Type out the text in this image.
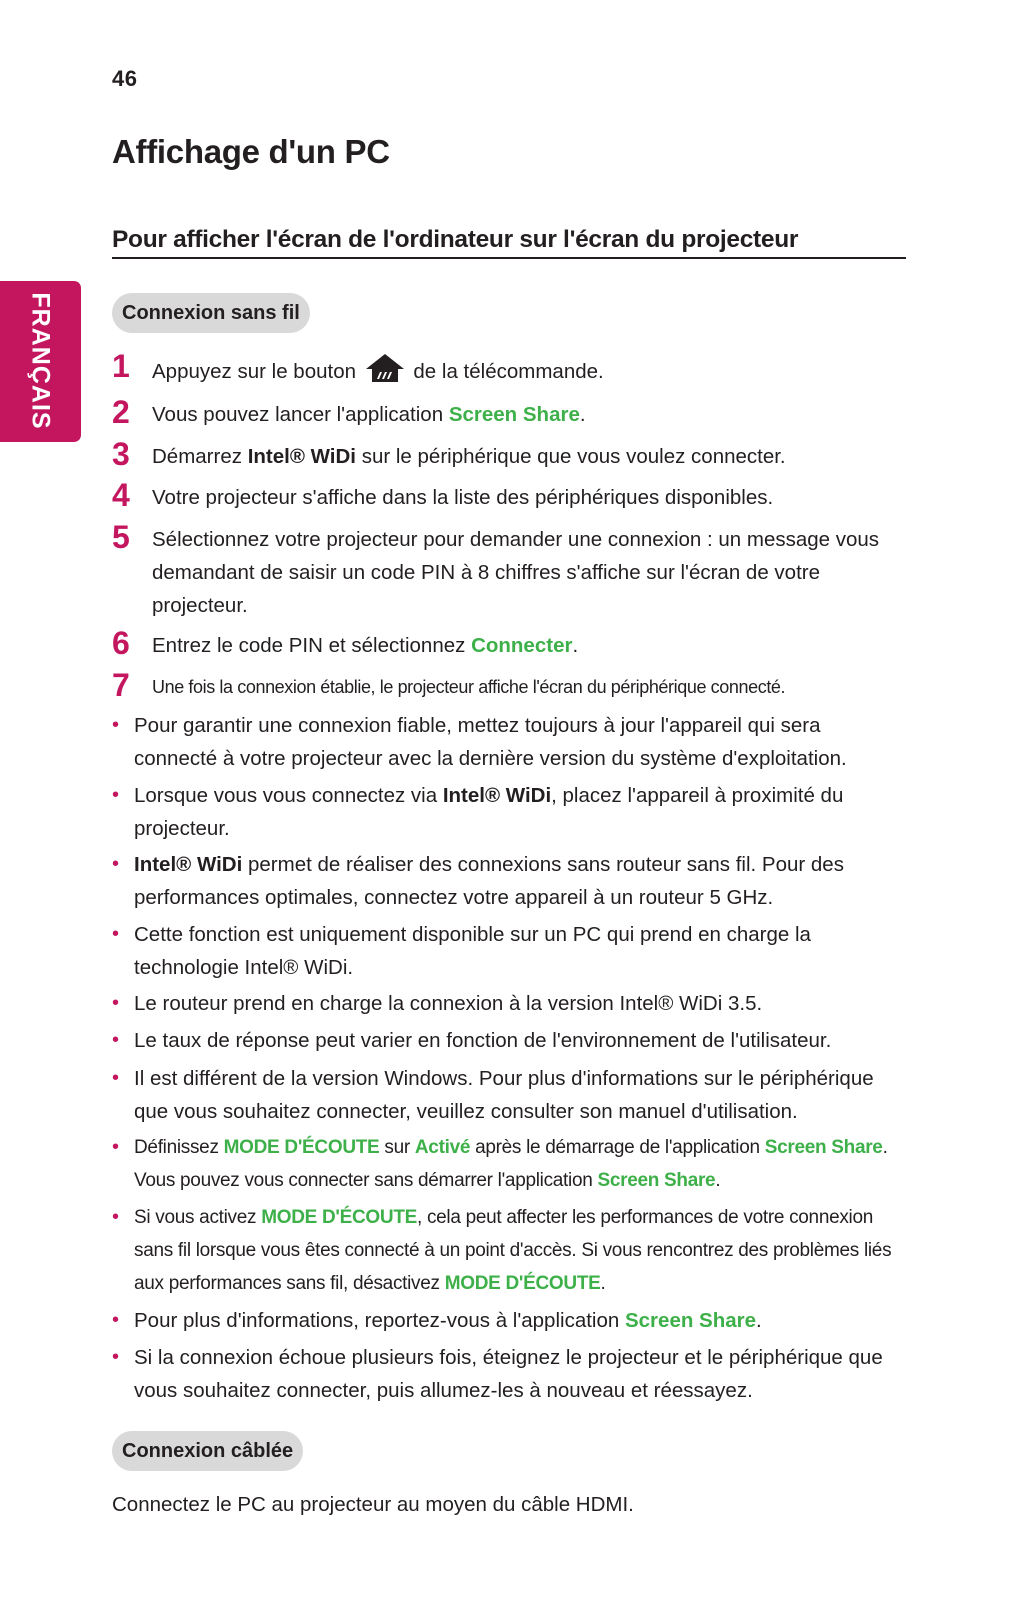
46
Affichage d'un PC
Pour afficher l'écran de l'ordinateur sur l'écran du projecteur
FRANÇAIS	Connexion sans fil
1 Appuyez sur le bouton	de la télécommande.
2 Vous pouvez lancer l'application Screen Share.
3 Démarrez Intel® WiDi sur le périphérique que vous voulez connecter.
4 Votre projecteur s'affiche dans la liste des périphériques disponibles.
5 Sélectionnez votre projecteur pour demander une connexion : un message vous demandant de saisir un code PIN à 8 chiffres s'affiche sur l'écran de votre projecteur.
6 Entrez le code PIN et sélectionnez Connecter.
7 Une fois la connexion établie, le projecteur affiche l'écran du périphérique connecté.
• Pour garantir une connexion fiable, mettez toujours à jour l'appareil qui sera connecté à votre projecteur avec la dernière version du système d'exploitation.
• Lorsque vous vous connectez via Intel® WiDi, placez l'appareil à proximité du projecteur.
• Intel® WiDi permet de réaliser des connexions sans routeur sans fil. Pour des performances optimales, connectez votre appareil à un routeur 5 GHz.
• Cette fonction est uniquement disponible sur un PC qui prend en charge la technologie Intel® WiDi.
• Le routeur prend en charge la connexion à la version Intel® WiDi 3.5.
• Le taux de réponse peut varier en fonction de l'environnement de l'utilisateur.
• Il est différent de la version Windows. Pour plus d'informations sur le périphérique que vous souhaitez connecter, veuillez consulter son manuel d'utilisation.
• Définissez MODE D'ÉCOUTE sur Activé après le démarrage de l'application Screen Share. Vous pouvez vous connecter sans démarrer l'application Screen Share.
• Si vous activez MODE D'ÉCOUTE, cela peut affecter les performances de votre connexion sans fil lorsque vous êtes connecté à un point d'accès. Si vous rencontrez des problèmes liés aux performances sans fil, désactivez MODE D'ÉCOUTE.
• Pour plus d'informations, reportez-vous à l'application Screen Share.
• Si la connexion échoue plusieurs fois, éteignez le projecteur et le périphérique que vous souhaitez connecter, puis allumez-les à nouveau et réessayez.
Connexion câblée
Connectez le PC au projecteur au moyen du câble HDMI.
